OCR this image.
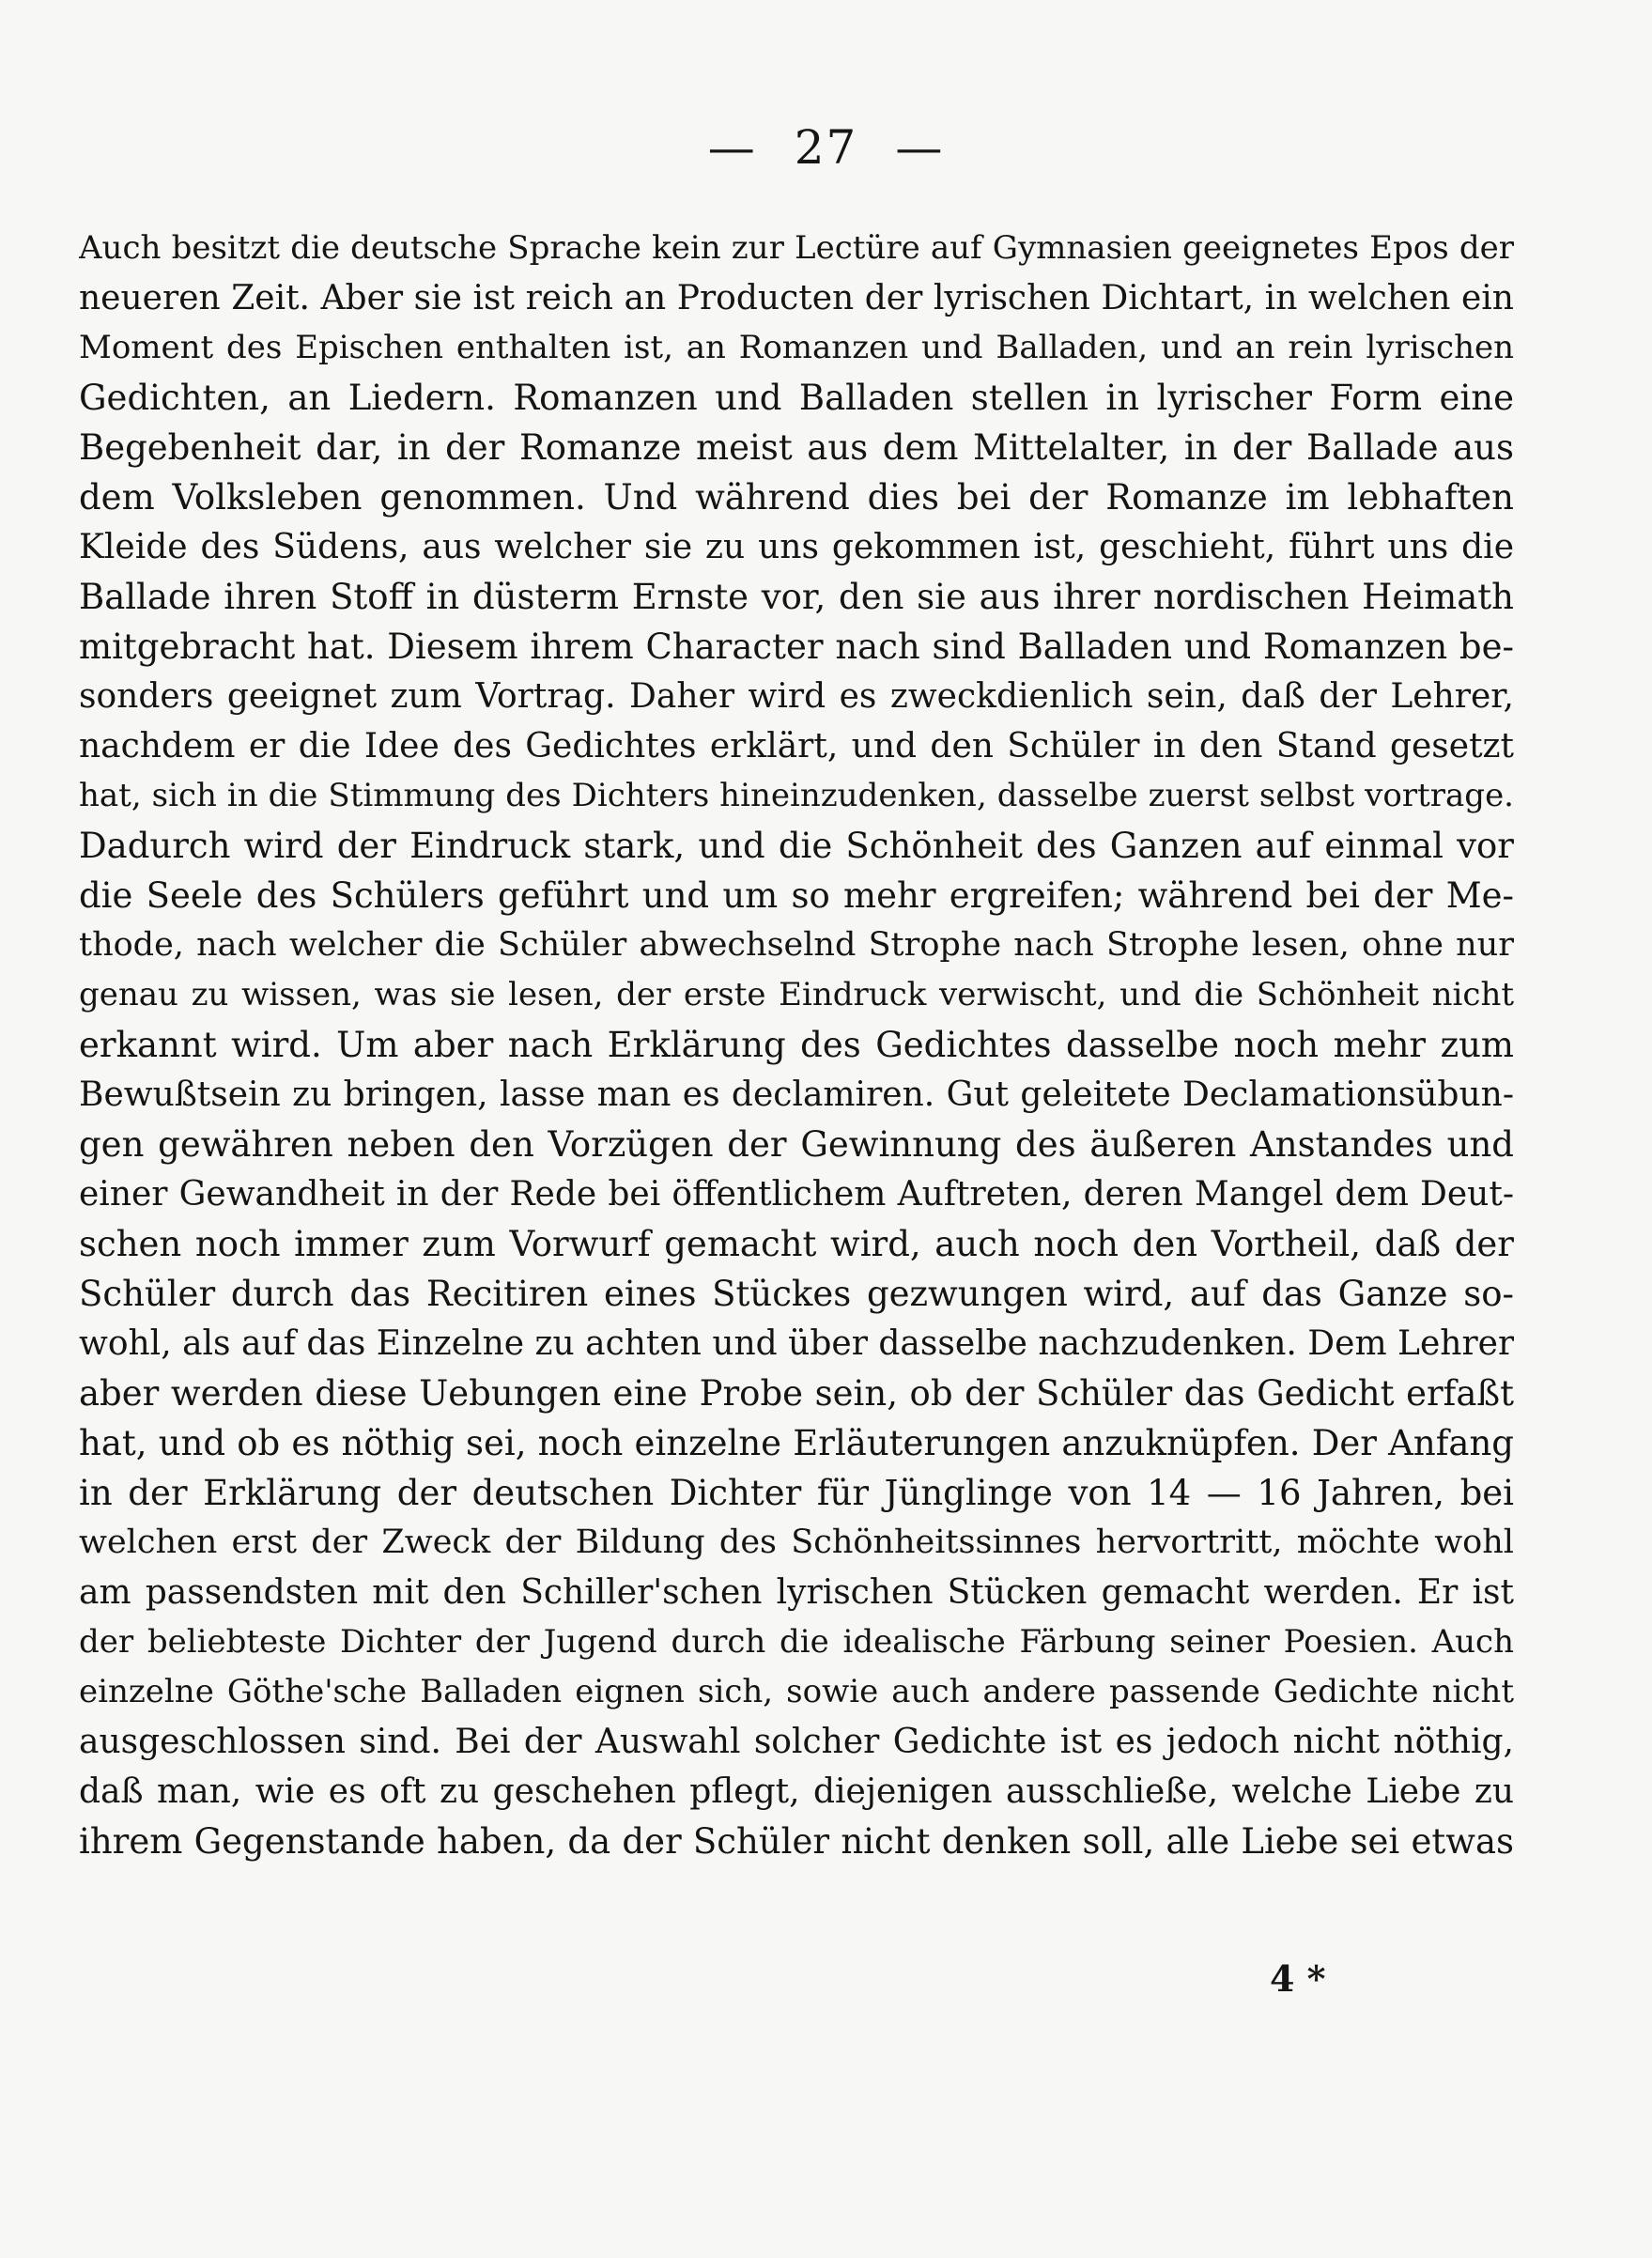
— 27 —
Auch besitzt die deutsche Sprache kein zur Lectüre auf Gymnasien geeignetes Epos der
neueren Zeit. Aber sie ist reich an Producten der lyrischen Dichtart, in welchen ein
Moment des Epischen enthalten ist, an Romanzen und Balladen, und an rein lyrischen
Gedichten, an Liedern. Romanzen und Balladen stellen in lyrischer Form eine
Begebenheit dar, in der Romanze meist aus dem Mittelalter, in der Ballade aus
dem Volksleben genommen. Und während dies bei der Romanze im lebhaften
Kleide des Südens, aus welcher sie zu uns gekommen ist, geschieht, führt uns die
Ballade ihren Stoff in düsterm Ernste vor, den sie aus ihrer nordischen Heimath
mitgebracht hat. Diesem ihrem Character nach sind Balladen und Romanzen be-
sonders geeignet zum Vortrag. Daher wird es zweckdienlich sein, daß der Lehrer,
nachdem er die Idee des Gedichtes erklärt, und den Schüler in den Stand gesetzt
hat, sich in die Stimmung des Dichters hineinzudenken, dasselbe zuerst selbst vortrage.
Dadurch wird der Eindruck stark, und die Schönheit des Ganzen auf einmal vor
die Seele des Schülers geführt und um so mehr ergreifen; während bei der Me-
thode, nach welcher die Schüler abwechselnd Strophe nach Strophe lesen, ohne nur
genau zu wissen, was sie lesen, der erste Eindruck verwischt, und die Schönheit nicht
erkannt wird. Um aber nach Erklärung des Gedichtes dasselbe noch mehr zum
Bewußtsein zu bringen, lasse man es declamiren. Gut geleitete Declamationsübun-
gen gewähren neben den Vorzügen der Gewinnung des äußeren Anstandes und
einer Gewandheit in der Rede bei öffentlichem Auftreten, deren Mangel dem Deut-
schen noch immer zum Vorwurf gemacht wird, auch noch den Vortheil, daß der
Schüler durch das Recitiren eines Stückes gezwungen wird, auf das Ganze so-
wohl, als auf das Einzelne zu achten und über dasselbe nachzudenken. Dem Lehrer
aber werden diese Uebungen eine Probe sein, ob der Schüler das Gedicht erfaßt
hat, und ob es nöthig sei, noch einzelne Erläuterungen anzuknüpfen. Der Anfang
in der Erklärung der deutschen Dichter für Jünglinge von 14 — 16 Jahren, bei
welchen erst der Zweck der Bildung des Schönheitssinnes hervortritt, möchte wohl
am passendsten mit den Schiller'schen lyrischen Stücken gemacht werden. Er ist
der beliebteste Dichter der Jugend durch die idealische Färbung seiner Poesien. Auch
einzelne Göthe'sche Balladen eignen sich, sowie auch andere passende Gedichte nicht
ausgeschlossen sind. Bei der Auswahl solcher Gedichte ist es jedoch nicht nöthig,
daß man, wie es oft zu geschehen pflegt, diejenigen ausschließe, welche Liebe zu
ihrem Gegenstande haben, da der Schüler nicht denken soll, alle Liebe sei etwas
4 *
